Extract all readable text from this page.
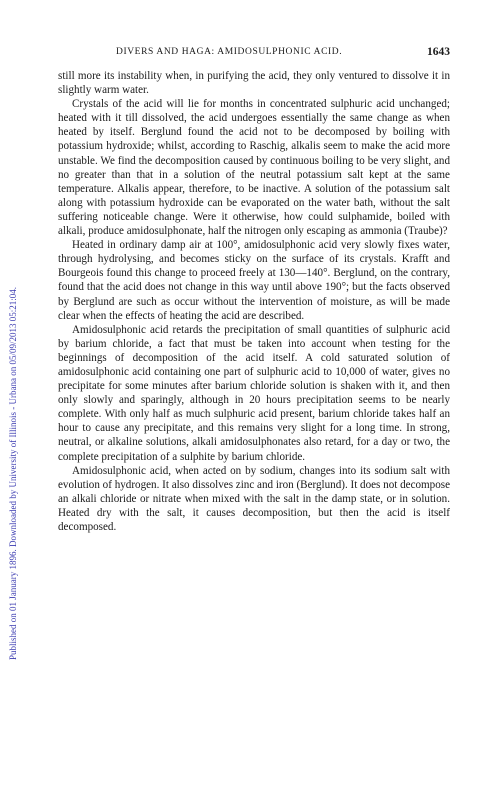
Published on 01 January 1896. Downloaded by University of Illinois - Urbana on 05/09/2013 05:21:04.
DIVERS AND HAGA: AMIDOSULPHONIC ACID.	1643

still more its instability when, in purifying the acid, they only ventured to dissolve it in slightly warm water.

Crystals of the acid will lie for months in concentrated sulphuric acid unchanged; heated with it till dissolved, the acid undergoes essentially the same change as when heated by itself. Berglund found the acid not to be decomposed by boiling with potassium hydroxide; whilst, according to Raschig, alkalis seem to make the acid more unstable. We find the decomposition caused by continuous boiling to be very slight, and no greater than that in a solution of the neutral potassium salt kept at the same temperature. Alkalis appear, therefore, to be inactive. A solution of the potassium salt along with potassium hydroxide can be evaporated on the water bath, without the salt suffering noticeable change. Were it otherwise, how could sulphamide, boiled with alkali, produce amidosulphonate, half the nitrogen only escaping as ammonia (Traube)?

Heated in ordinary damp air at 100°, amidosulphonic acid very slowly fixes water, through hydrolysing, and becomes sticky on the surface of its crystals. Krafft and Bourgeois found this change to proceed freely at 130—140°. Berglund, on the contrary, found that the acid does not change in this way until above 190°; but the facts observed by Berglund are such as occur without the intervention of moisture, as will be made clear when the effects of heating the acid are described.

Amidosulphonic acid retards the precipitation of small quantities of sulphuric acid by barium chloride, a fact that must be taken into account when testing for the beginnings of decomposition of the acid itself. A cold saturated solution of amidosulphonic acid containing one part of sulphuric acid to 10,000 of water, gives no precipitate for some minutes after barium chloride solution is shaken with it, and then only slowly and sparingly, although in 20 hours precipitation seems to be nearly complete. With only half as much sulphuric acid present, barium chloride takes half an hour to cause any precipitate, and this remains very slight for a long time. In strong, neutral, or alkaline solutions, alkali amidosulphonates also retard, for a day or two, the complete precipitation of a sulphite by barium chloride.

Amidosulphonic acid, when acted on by sodium, changes into its sodium salt with evolution of hydrogen. It also dissolves zinc and iron (Berglund). It does not decompose an alkali chloride or nitrate when mixed with the salt in the damp state, or in solution. Heated dry with the salt, it causes decomposition, but then the acid is itself decomposed.
